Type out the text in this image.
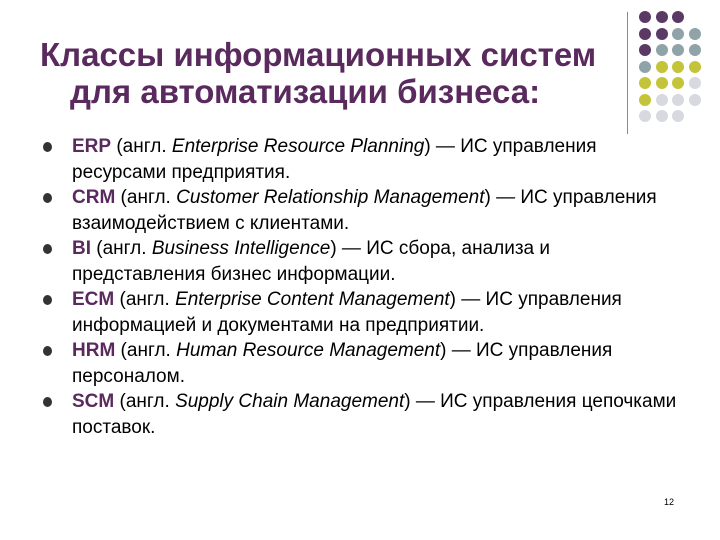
Классы информационных систем
для автоматизации бизнеса:
ERP (англ. Enterprise Resource Planning) — ИС управления ресурсами предприятия.
CRM (англ. Customer Relationship Management) — ИС управления взаимодействием с клиентами.
BI (англ. Business Intelligence) — ИС сбора, анализа и представления бизнес информации.
ECM (англ. Enterprise Content Management) — ИС управления информацией и документами на предприятии.
HRM (англ. Human Resource Management) — ИС управления персоналом.
SCM (англ. Supply Chain Management) — ИС управления цепочками поставок.
12
